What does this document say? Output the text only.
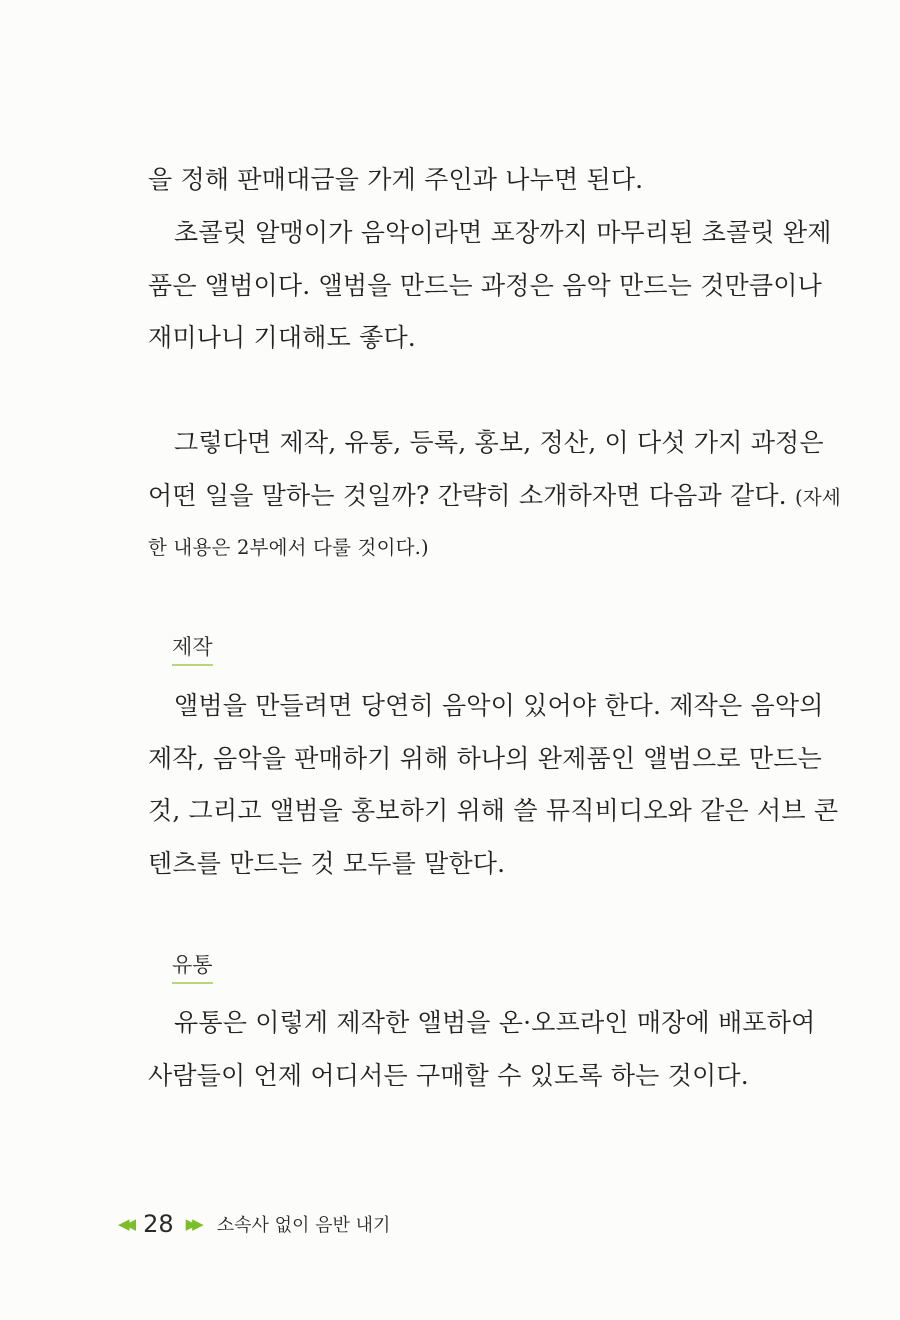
을 정해 판매대금을 가게 주인과 나누면 된다.
초콜릿 알맹이가 음악이라면 포장까지 마무리된 초콜릿 완제
품은 앨범이다. 앨범을 만드는 과정은 음악 만드는 것만큼이나
재미나니 기대해도 좋다.
그렇다면 제작, 유통, 등록, 홍보, 정산, 이 다섯 가지 과정은
어떤 일을 말하는 것일까? 간략히 소개하자면 다음과 같다. (자세
한 내용은 2부에서 다룰 것이다.)
제작
앨범을 만들려면 당연히 음악이 있어야 한다. 제작은 음악의
제작, 음악을 판매하기 위해 하나의 완제품인 앨범으로 만드는
것, 그리고 앨범을 홍보하기 위해 쓸 뮤직비디오와 같은 서브 콘
텐츠를 만드는 것 모두를 말한다.
유통
유통은 이렇게 제작한 앨범을 온·오프라인 매장에 배포하여
사람들이 언제 어디서든 구매할 수 있도록 하는 것이다.
◀◀ 28 ▶▶ 소속사 없이 음반 내기
